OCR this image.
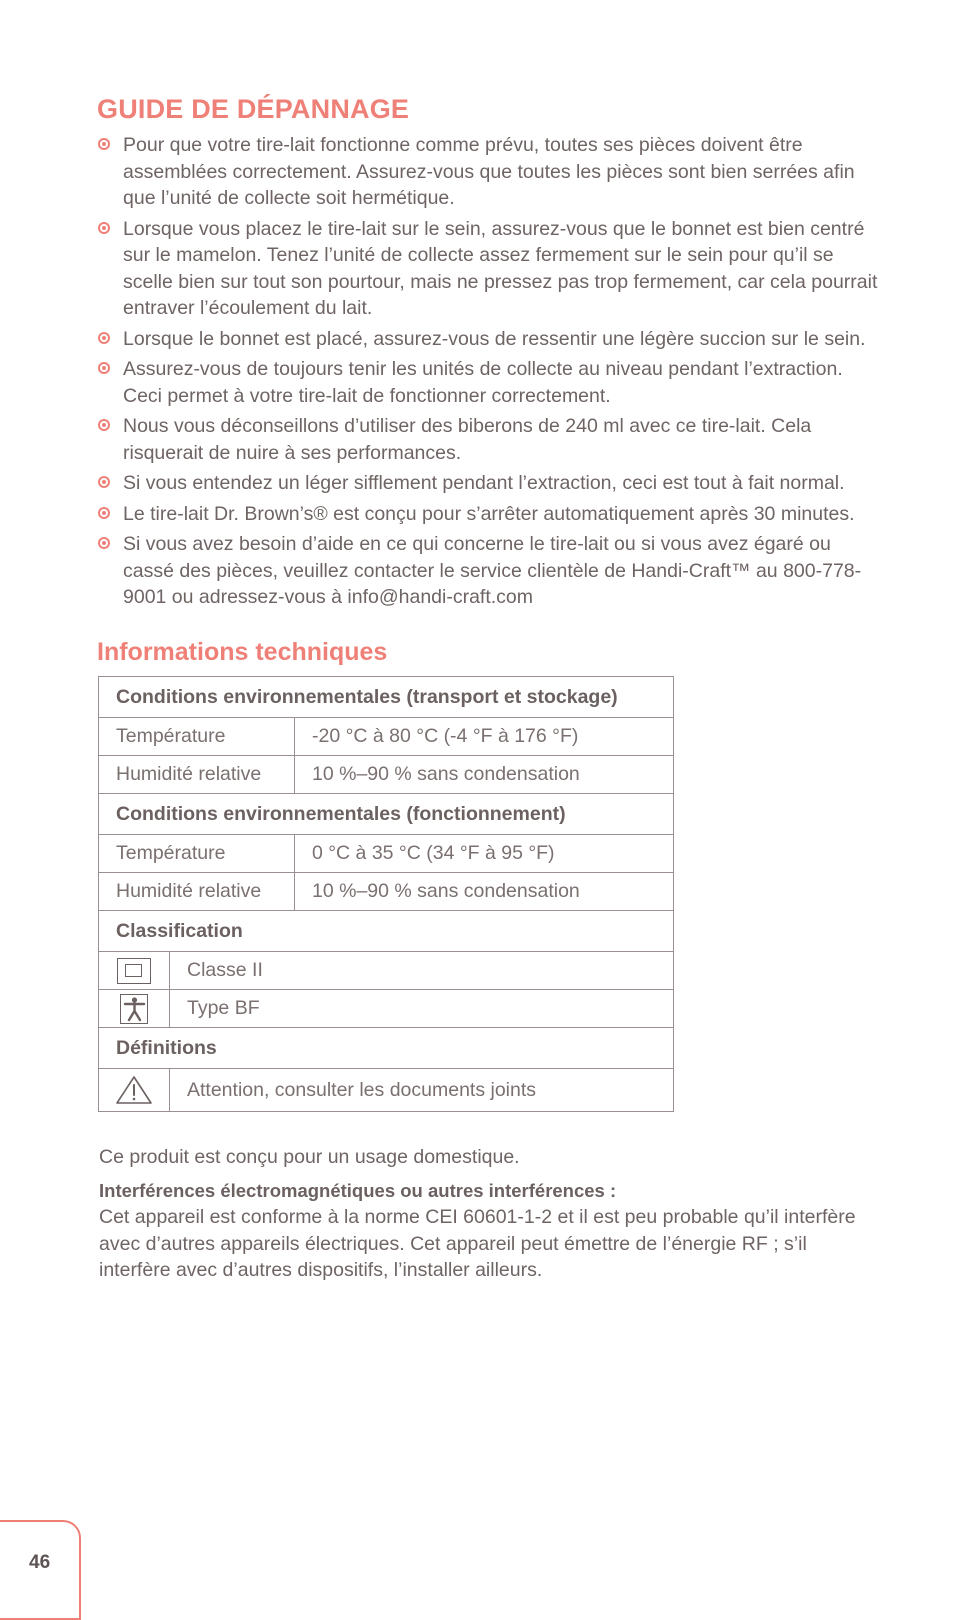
GUIDE DE DÉPANNAGE
Pour que votre tire-lait fonctionne comme prévu, toutes ses pièces doivent être assemblées correctement. Assurez-vous que toutes les pièces sont bien serrées afin que l’unité de collecte soit hermétique.
Lorsque vous placez le tire-lait sur le sein, assurez-vous que le bonnet est bien centré sur le mamelon. Tenez l’unité de collecte assez fermement sur le sein pour qu’il se scelle bien sur tout son pourtour, mais ne pressez pas trop fermement, car cela pourrait entraver l’écoulement du lait.
Lorsque le bonnet est placé, assurez-vous de ressentir une légère succion sur le sein.
Assurez-vous de toujours tenir les unités de collecte au niveau pendant l’extraction. Ceci permet à votre tire-lait de fonctionner correctement.
Nous vous déconseillons d’utiliser des biberons de 240 ml avec ce tire-lait. Cela risquerait de nuire à ses performances.
Si vous entendez un léger sifflement pendant l’extraction, ceci est tout à fait normal.
Le tire-lait Dr. Brown’s® est conçu pour s’arrêter automatiquement après 30 minutes.
Si vous avez besoin d’aide en ce qui concerne le tire-lait ou si vous avez égaré ou cassé des pièces, veuillez contacter le service clientèle de Handi-Craft™ au 800-778-9001 ou adressez-vous à info@handi-craft.com
Informations techniques
Conditions environnementales (transport et stockage)		
Température		-20 °C à 80 °C (-4 °F à 176 °F)
Humidité relative		10 %–90 % sans condensation
Conditions environnementales (fonctionnement)		
Température		0 °C à 35 °C (34 °F à 95 °F)
Humidité relative		10 %–90 % sans condensation
Classification		
	Classe II	
	Type BF	
Définitions		
	Attention, consulter les documents joints	

Ce produit est conçu pour un usage domestique.

Interférences électromagnétiques ou autres interférences :

Cet appareil est conforme à la norme CEI 60601-1-2 et il est peu probable qu’il interfère avec d’autres appareils électriques. Cet appareil peut émettre de l’énergie RF ; s’il interfère avec d’autres dispositifs, l’installer ailleurs.

46
